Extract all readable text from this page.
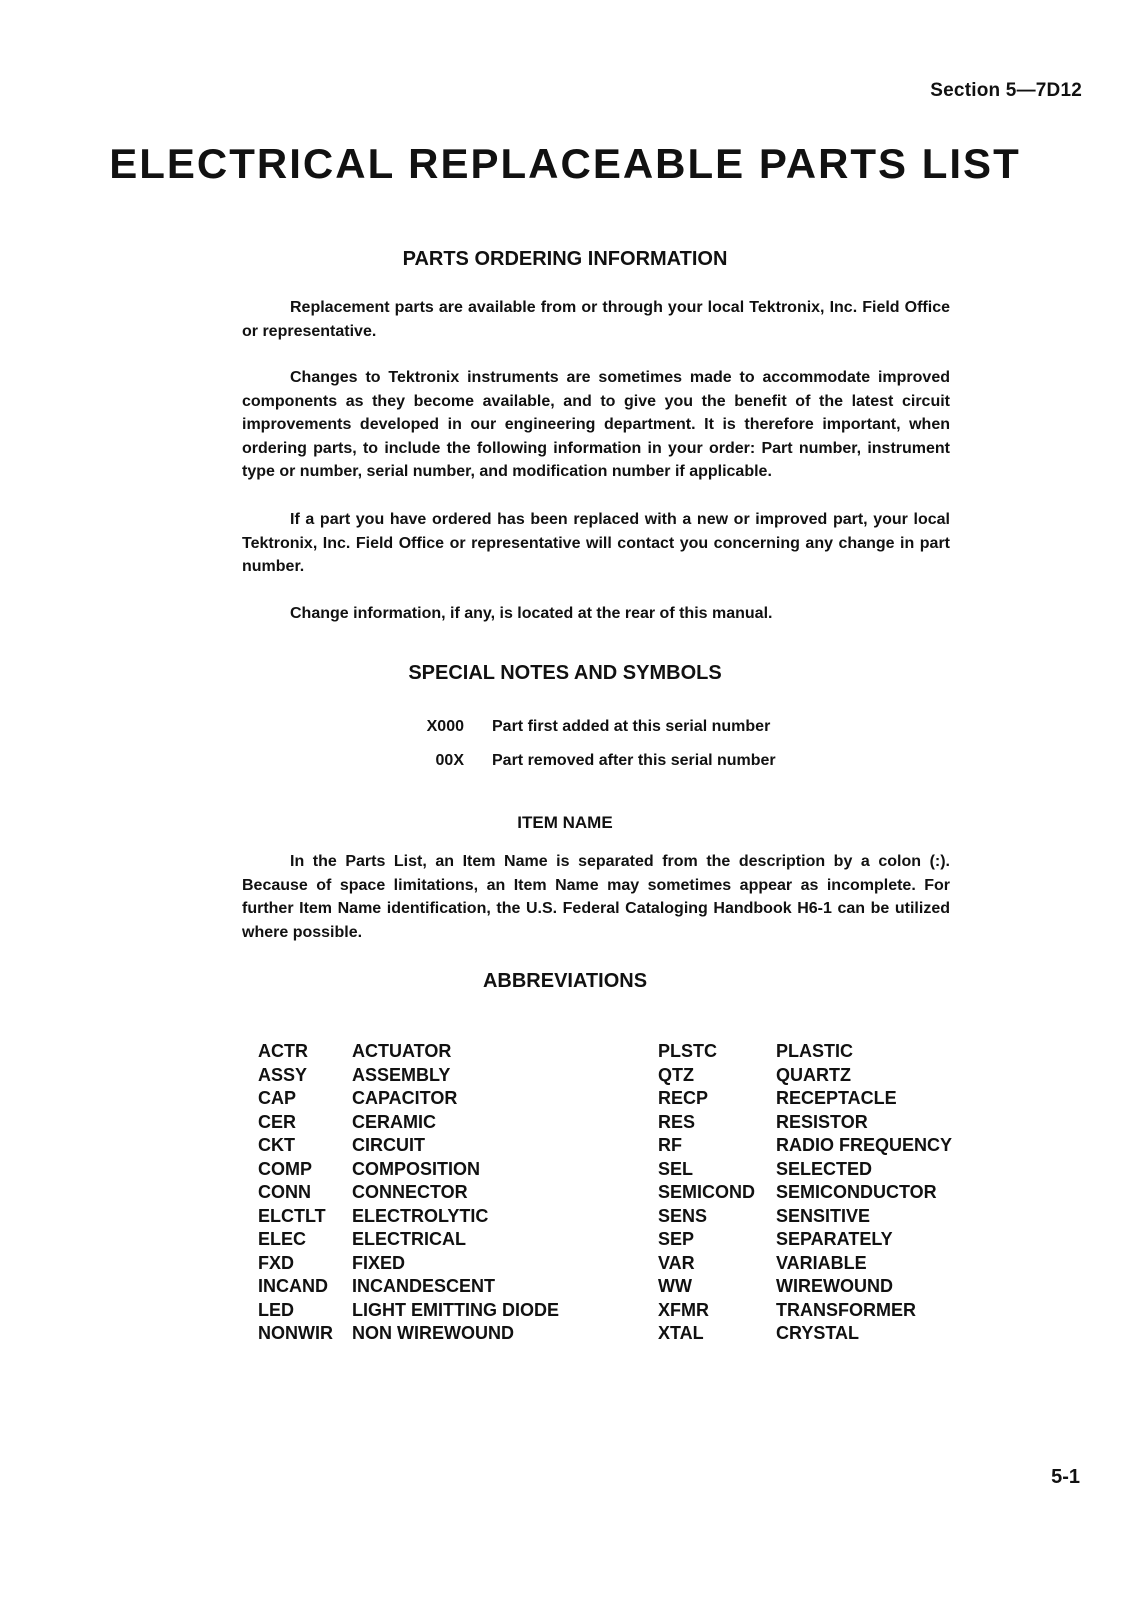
Section 5—7D12
ELECTRICAL REPLACEABLE PARTS LIST
PARTS ORDERING INFORMATION
Replacement parts are available from or through your local Tektronix, Inc. Field Office or representative.
Changes to Tektronix instruments are sometimes made to accommodate improved components as they become available, and to give you the benefit of the latest circuit improvements developed in our engineering department. It is therefore important, when ordering parts, to include the following information in your order: Part number, instrument type or number, serial number, and modification number if applicable.
If a part you have ordered has been replaced with a new or improved part, your local Tektronix, Inc. Field Office or representative will contact you concerning any change in part number.
Change information, if any, is located at the rear of this manual.
SPECIAL NOTES AND SYMBOLS
X000 Part first added at this serial number
00X Part removed after this serial number
ITEM NAME
In the Parts List, an Item Name is separated from the description by a colon (:). Because of space limitations, an Item Name may sometimes appear as incomplete. For further Item Name identification, the U.S. Federal Cataloging Handbook H6-1 can be utilized where possible.
ABBREVIATIONS
ACTR	ACTUATOR
ASSY	ASSEMBLY
CAP	CAPACITOR
CER	CERAMIC
CKT	CIRCUIT
COMP	COMPOSITION
CONN	CONNECTOR
ELCTLT	ELECTROLYTIC
ELEC	ELECTRICAL
FXD	FIXED
INCAND	INCANDESCENT
LED	LIGHT EMITTING DIODE
NONWIR	NON WIREWOUND
PLSTC	PLASTIC
QTZ	QUARTZ
RECP	RECEPTACLE
RES	RESISTOR
RF	RADIO FREQUENCY
SEL	SELECTED
SEMICOND	SEMICONDUCTOR
SENS	SENSITIVE
SEP	SEPARATELY
VAR	VARIABLE
WW	WIREWOUND
XFMR	TRANSFORMER
XTAL	CRYSTAL
5-1
